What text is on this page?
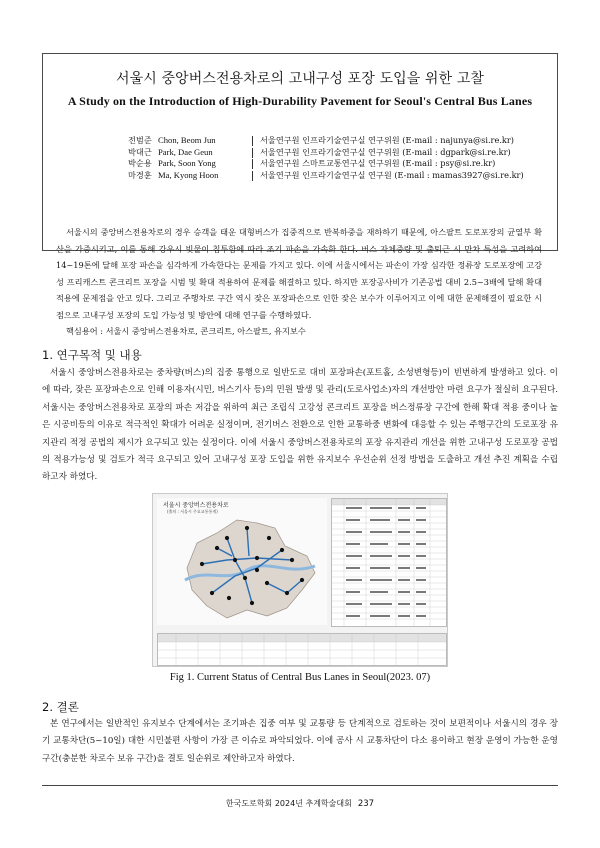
서울시 중앙버스전용차로의 고내구성 포장 도입을 위한 고찰
A Study on the Introduction of High-Durability Pavement for Seoul's Central Bus Lanes
전범준 Chon, Beom Jun	서울연구원 인프라기술연구실 연구위원 (E-mail : najunya@si.re.kr)
박대근 Park, Dae Geun	서울연구원 인프라기술연구실 연구위원 (E-mail : dgpark@si.re.kr)
박순용 Park, Soon Yong	서울연구원 스마트교통연구실 연구위원 (E-mail : psy@si.re.kr)
마경훈 Ma, Kyong Hoon	서울연구원 인프라기술연구실 연구원 (E-mail : mamas3927@si.re.kr)

서울시의 중앙버스전용차로의 경우 승객을 태운 대형버스가 집중적으로 반복하중을 재하하기 때문에, 아스팔트 도로포장의 균열부 확산을 가중시키고, 이를 통해 강우시 빗물이 침투함에 따라 조기 파손을 가속화 한다. 버스 자체중량 및 출퇴근 시 만차 특성을 고려하여 14~19톤에 달해 포장 파손을 심각하게 가속한다는 문제를 가지고 있다. 이에 서울시에서는 파손이 가장 심각한 정류장 도로포장에 고강성 프리캐스트 콘크리트 포장을 시범 및 확대 적용하여 문제를 해결하고 있다. 하지만 포장공사비가 기존공법 대비 2.5~3배에 달해 확대적용에 문제점을 안고 있다. 그리고 주행차로 구간 역시 잦은 포장파손으로 인한 잦은 보수가 이루어지고 이에 대한 문제해결이 필요한 시점으로 고내구성 포장의 도입 가능성 및 방안에 대해 연구를 수행하였다.

핵심용어 : 서울시 중앙버스전용차로, 콘크리트, 아스팔트, 유지보수

1. 연구목적 및 내용

서울시 중앙버스전용차로는 중차량(버스)의 집중 통행으로 일반도로 대비 포장파손(포트홀, 소성변형등)이 빈번하게 발생하고 있다. 이에 따라, 잦은 포장파손으로 인해 이용자(시민, 버스기사 등)의 민원 발생 및 관리(도로사업소)자의 개선방안 마련 요구가 절실히 요구된다. 서울시는 중앙버스전용차로 포장의 파손 저감을 위하여 최근 조립식 고강성 콘크리트 포장을 버스정류장 구간에 한해 확대 적용 중이나 높은 시공비등의 이유로 적극적인 확대가 어려운 실정이며, 전기버스 전환으로 인한 교통하중 변화에 대응할 수 있는 주행구간의 도로포장 유지관리 적정 공법의 제시가 요구되고 있는 실정이다. 이에 서울시 중앙버스전용차로의 포장 유지관리 개선을 위한 고내구성 도로포장 공법의 적용가능성 및 검토가 적극 요구되고 있어 고내구성 포장 도입을 위한 유지보수 우선순위 선정 방법을 도출하고 개선 추진 계획을 수립하고자 하였다.

서울시 중앙버스전용차로
(출처 : 서울시 주요교통통계)
Fig 1. Current Status of Central Bus Lanes in Seoul(2023. 07)
2. 결론

본 연구에서는 일반적인 유지보수 단계에서는 조기파손 집중 여부 및 교통량 등 단계적으로 검토하는 것이 보편적이나 서울시의 경우 장기 교통차단(5~10일) 대한 시민불편 사항이 가장 큰 이슈로 파악되었다. 이에 공사 시 교통차단이 다소 용이하고 현장 운영이 가능한 운영구간(충분한 차로수 보유 구간)을 결토 일순위로 제안하고자 하였다.

한국도로학회 2024년 추계학술대회 237
